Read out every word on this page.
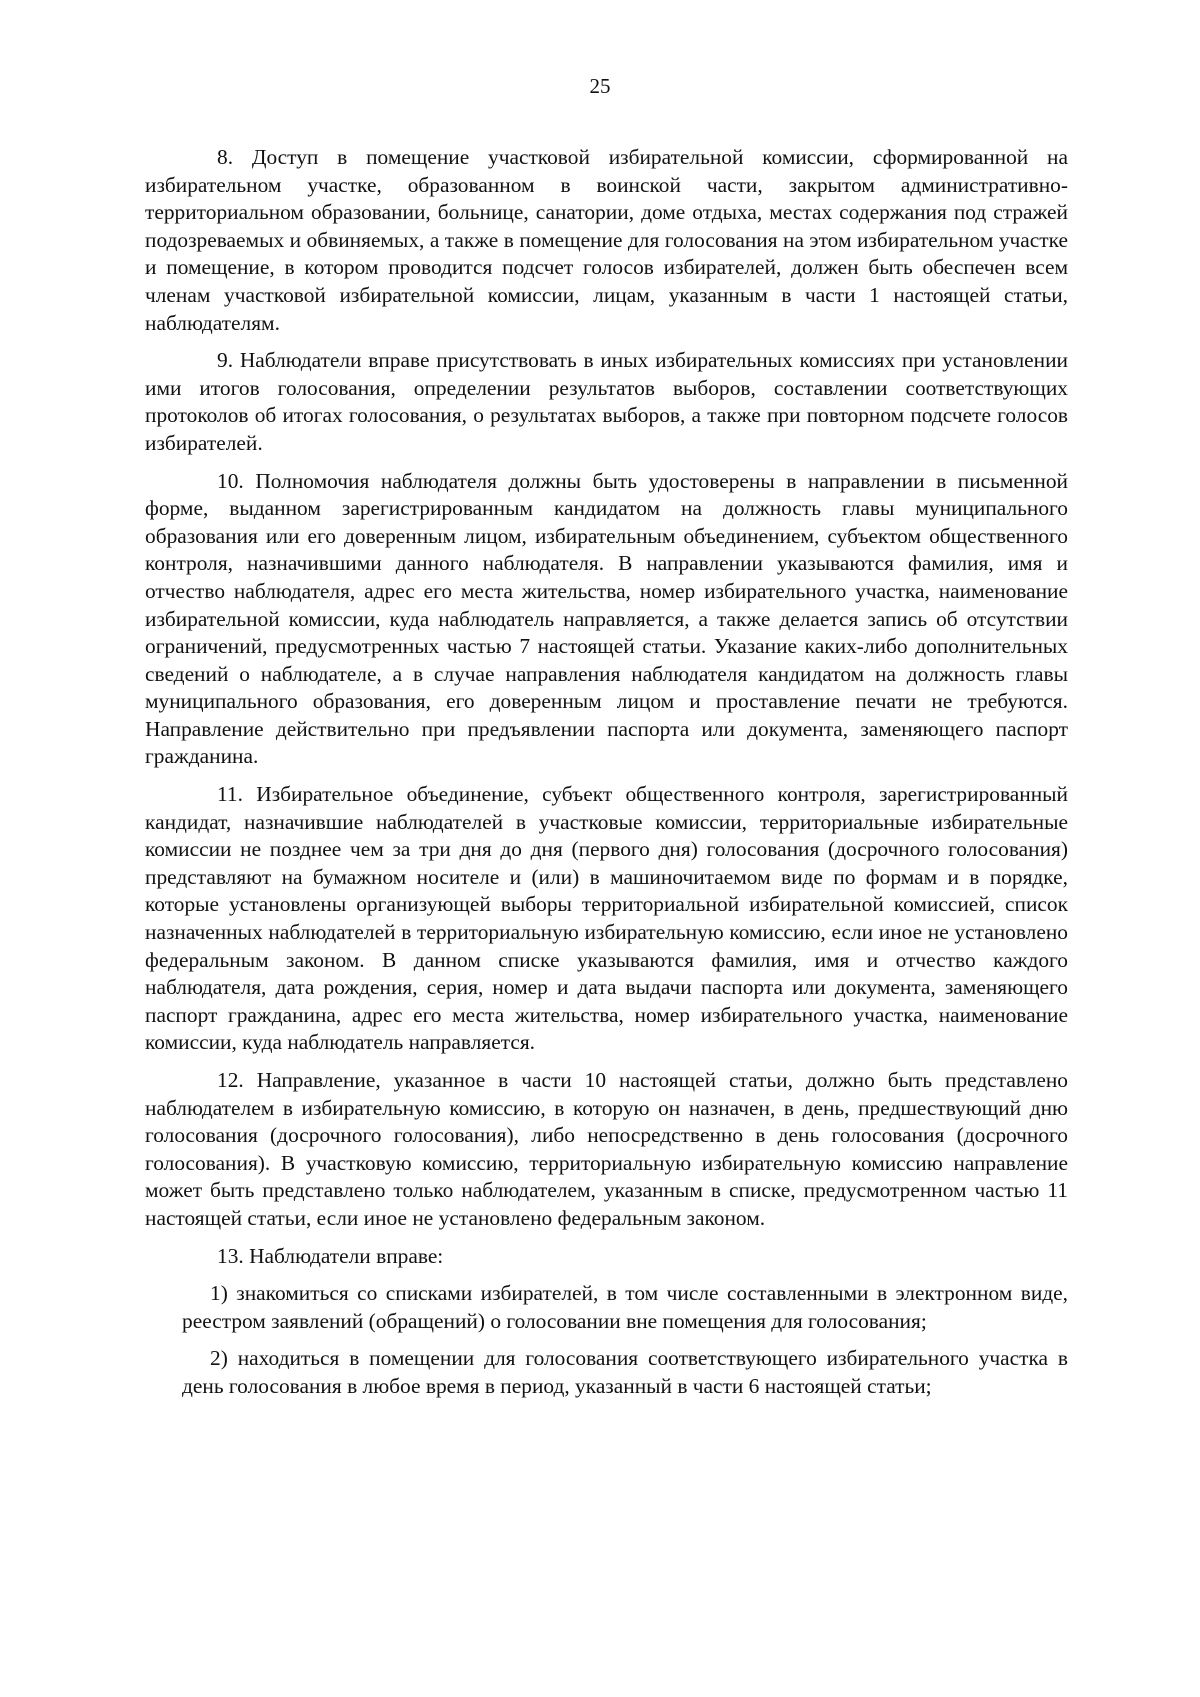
25

8. Доступ в помещение участковой избирательной комиссии, сформированной на избирательном участке, образованном в воинской части, закрытом административно-территориальном образовании, больнице, санатории, доме отдыха, местах содержания под стражей подозреваемых и обвиняемых, а также в помещение для голосования на этом избирательном участке и помещение, в котором проводится подсчет голосов избирателей, должен быть обеспечен всем членам участковой избирательной комиссии, лицам, указанным в части 1 настоящей статьи, наблюдателям.

9. Наблюдатели вправе присутствовать в иных избирательных комиссиях при установлении ими итогов голосования, определении результатов выборов, составлении соответствующих протоколов об итогах голосования, о результатах выборов, а также при повторном подсчете голосов избирателей.

10. Полномочия наблюдателя должны быть удостоверены в направлении в письменной форме, выданном зарегистрированным кандидатом на должность главы муниципального образования или его доверенным лицом, избирательным объединением, субъектом общественного контроля, назначившими данного наблюдателя. В направлении указываются фамилия, имя и отчество наблюдателя, адрес его места жительства, номер избирательного участка, наименование избирательной комиссии, куда наблюдатель направляется, а также делается запись об отсутствии ограничений, предусмотренных частью 7 настоящей статьи. Указание каких-либо дополнительных сведений о наблюдателе, а в случае направления наблюдателя кандидатом на должность главы муниципального образования, его доверенным лицом и проставление печати не требуются. Направление действительно при предъявлении паспорта или документа, заменяющего паспорт гражданина.

11. Избирательное объединение, субъект общественного контроля, зарегистрированный кандидат, назначившие наблюдателей в участковые комиссии, территориальные избирательные комиссии не позднее чем за три дня до дня (первого дня) голосования (досрочного голосования) представляют на бумажном носителе и (или) в машиночитаемом виде по формам и в порядке, которые установлены организующей выборы территориальной избирательной комиссией, список назначенных наблюдателей в территориальную избирательную комиссию, если иное не установлено федеральным законом. В данном списке указываются фамилия, имя и отчество каждого наблюдателя, дата рождения, серия, номер и дата выдачи паспорта или документа, заменяющего паспорт гражданина, адрес его места жительства, номер избирательного участка, наименование комиссии, куда наблюдатель направляется.

12. Направление, указанное в части 10 настоящей статьи, должно быть представлено наблюдателем в избирательную комиссию, в которую он назначен, в день, предшествующий дню голосования (досрочного голосования), либо непосредственно в день голосования (досрочного голосования). В участковую комиссию, территориальную избирательную комиссию направление может быть представлено только наблюдателем, указанным в списке, предусмотренном частью 11 настоящей статьи, если иное не установлено федеральным законом.

13. Наблюдатели вправе:

1) знакомиться со списками избирателей, в том числе составленными в электронном виде, реестром заявлений (обращений) о голосовании вне помещения для голосования;

2) находиться в помещении для голосования соответствующего избирательного участка в день голосования в любое время в период, указанный в части 6 настоящей статьи;
